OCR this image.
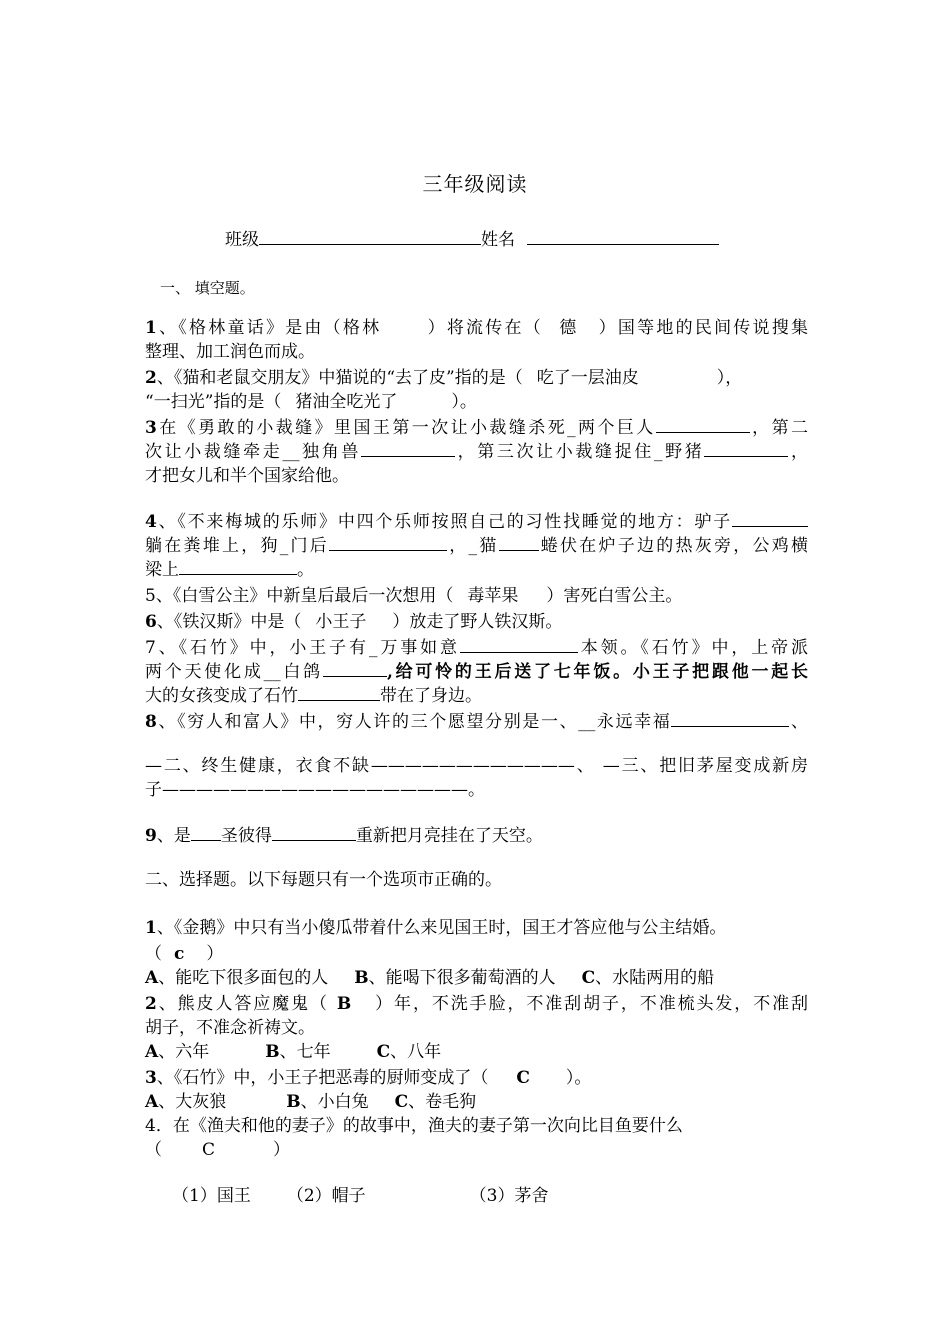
三年级阅读
班级	姓名
一、 填空题。
1、《格林童话》是由（格林	）将流传在（ 德 ）国等地的民间传说搜集
整理、加工润色而成。
2、《猫和老鼠交朋友》中猫说的“去了皮”指的是（ 吃了一层油皮	），
“一扫光”指的是（ 猪油全吃光了	）。
3在《勇敢的小裁缝》里国王第一次让小裁缝杀死_两个巨人	，第二
次让小裁缝牵走__独角兽	，第三次让小裁缝捉住_野猪	，
才把女儿和半个国家给他。
4、《不来梅城的乐师》中四个乐师按照自己的习性找睡觉的地方：驴子
躺在粪堆上，狗_门后	，_猫 蜷伏在炉子边的热灰旁，公鸡横
梁上	。
5、《白雪公主》中新皇后最后一次想用（ 毒苹果 ）害死白雪公主。
6、《铁汉斯》中是（ 小王子 ）放走了野人铁汉斯。
7、《石竹》中，小王子有_万事如意	本领。《石竹》中，上帝派
两个天使化成__白鸽	,给可怜的王后送了七年饭。小王子把跟他一起长
大的女孩变成了石竹	带在了身边。
8、《穷人和富人》中，穷人许的三个愿望分别是一、__永远幸福	、
—二、终生健康，衣食不缺————————————、 —三、把旧茅屋变成新房
子——————————————————。
9、是 圣彼得	重新把月亮挂在了天空。
二、选择题。以下每题只有一个选项市正确的。
1、《金鹅》中只有当小傻瓜带着什么来见国王时，国王才答应他与公主结婚。
（ c ）
A、能吃下很多面包的人 B、能喝下很多葡萄酒的人 C、水陆两用的船
2、熊皮人答应魔鬼（ B ）年，不洗手脸，不准刮胡子，不准梳头发，不准刮
胡子，不准念祈祷文。
A、六年	B、七年	C、八年
3、《石竹》中，小王子把恶毒的厨师变成了（ C ）。
A、大灰狼	B、小白兔 C、卷毛狗
4．在《渔夫和他的妻子》的故事中，渔夫的妻子第一次向比目鱼要什么
（ C	）
（1）国王 （2）帽子	（3）茅舍
